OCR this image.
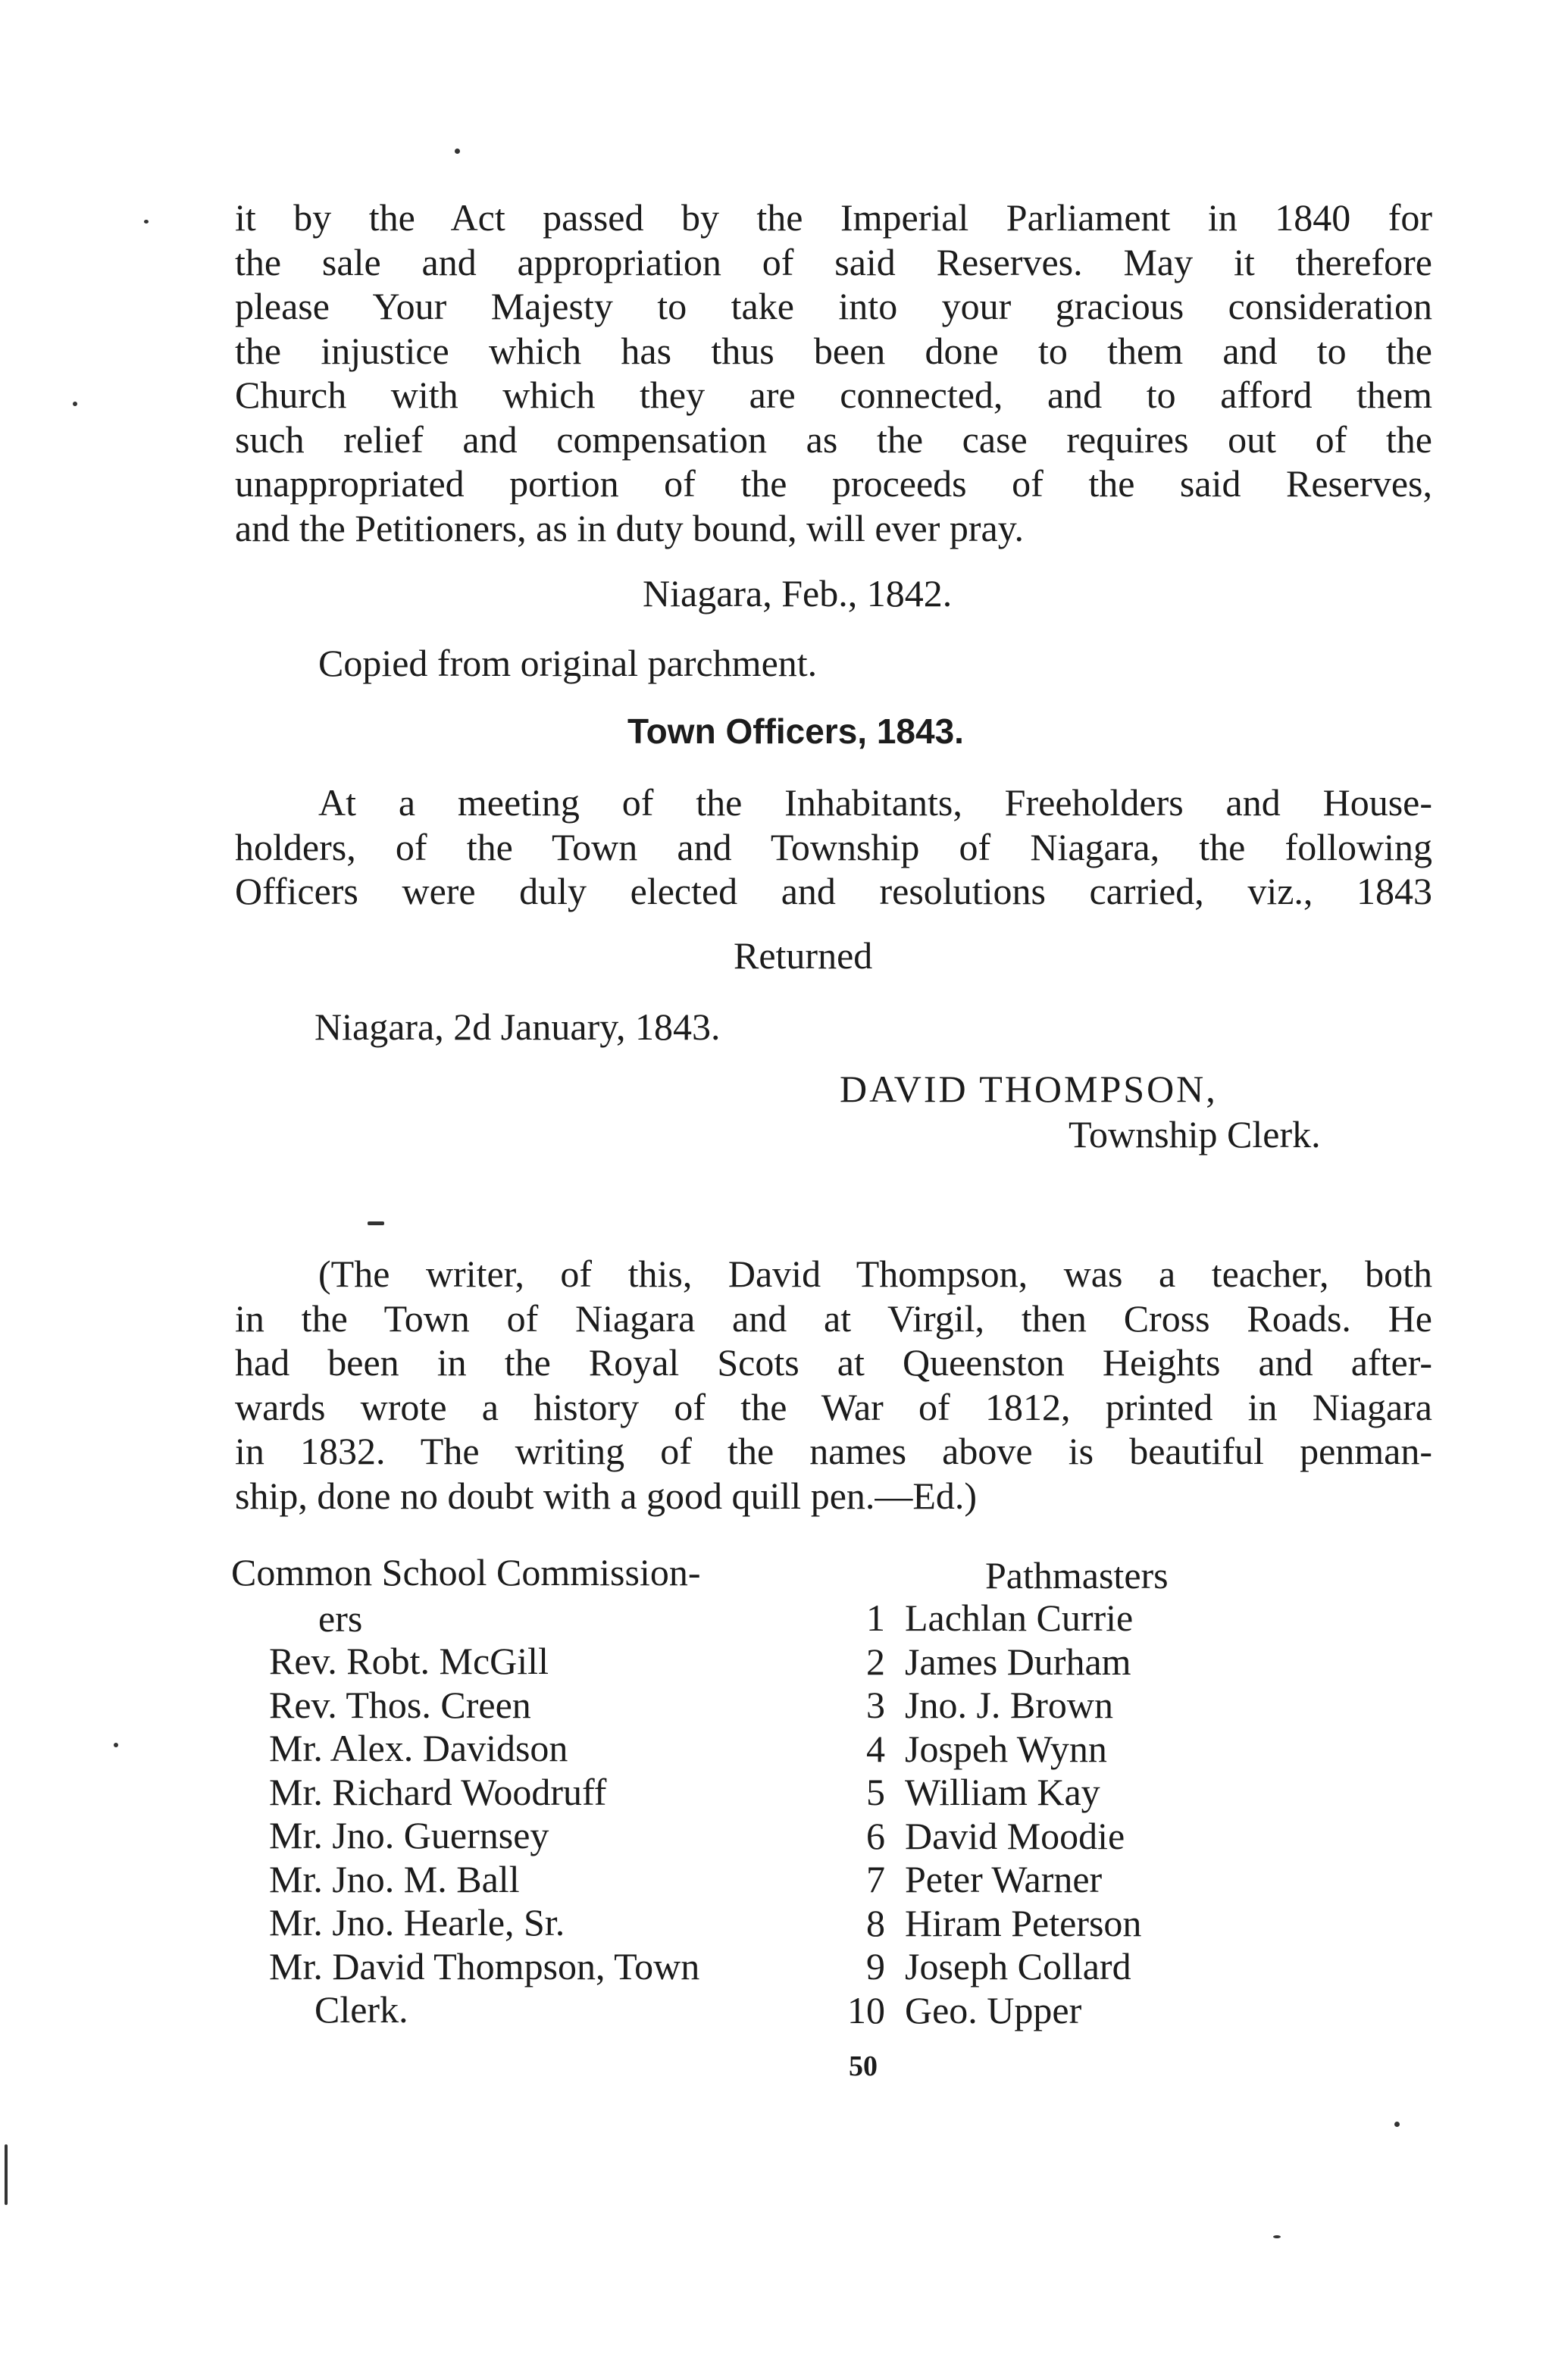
it by the Act passed by the Imperial Parliament in 1840 for
the sale and appropriation of said Reserves. May it therefore
please Your Majesty to take into your gracious consideration
the injustice which has thus been done to them and to the
Church with which they are connected, and to afford them
such relief and compensation as the case requires out of the
unappropriated portion of the proceeds of the said Reserves,
and the Petitioners, as in duty bound, will ever pray.
Niagara, Feb., 1842.
Copied from original parchment.
Town Officers, 1843.
At a meeting of the Inhabitants, Freeholders and House-
holders, of the Town and Township of Niagara, the following
Officers were duly elected and resolutions carried, viz., 1843
Returned
Niagara, 2d January, 1843.
DAVID THOMPSON,
Township Clerk.
(The writer, of this, David Thompson, was a teacher, both
in the Town of Niagara and at Virgil, then Cross Roads. He
had been in the Royal Scots at Queenston Heights and after-
wards wrote a history of the War of 1812, printed in Niagara
in 1832. The writing of the names above is beautiful penman-
ship, done no doubt with a good quill pen.—Ed.)
Common School Commission-
ers
Rev. Robt. McGill
Rev. Thos. Creen
Mr. Alex. Davidson
Mr. Richard Woodruff
Mr. Jno. Guernsey
Mr. Jno. M. Ball
Mr. Jno. Hearle, Sr.
Mr. David Thompson, Town
Clerk.
Pathmasters
1 Lachlan Currie
2 James Durham
3 Jno. J. Brown
4 Jospeh Wynn
5 William Kay
6 David Moodie
7 Peter Warner
8 Hiram Peterson
9 Joseph Collard
10 Geo. Upper
50
